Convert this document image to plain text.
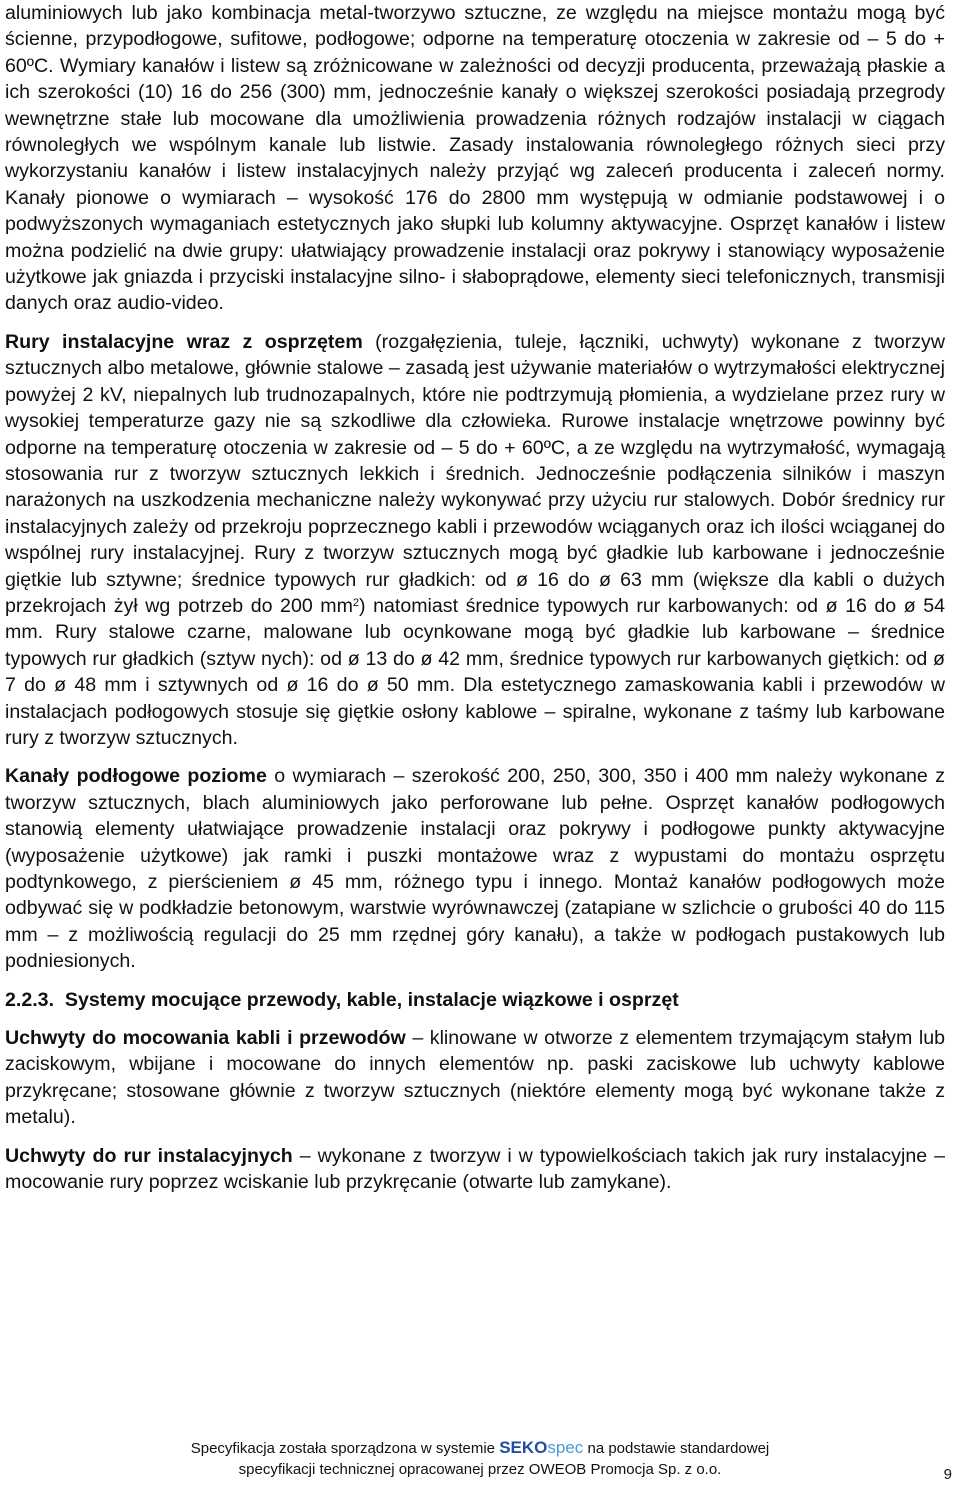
aluminiowych lub jako kombinacja metal-tworzywo sztuczne, ze względu na miejsce montażu mogą być ścienne, przypodłogowe, sufitowe, podłogowe; odporne na temperaturę otoczenia w zakresie od – 5 do + 60ºC. Wymiary kanałów i listew są zróżnicowane w zależności od decyzji producenta, przeważają płaskie a ich szerokości (10) 16 do 256 (300) mm, jednocześnie kanały o większej szerokości posiadają przegrody wewnętrzne stałe lub mocowane dla umożliwienia prowadzenia różnych rodzajów instalacji w ciągach równoległych we wspólnym kanale lub listwie. Zasady instalowania równoległego różnych sieci przy wykorzystaniu kanałów i listew instalacyjnych należy przyjąć wg zaleceń producenta i zaleceń normy. Kanały pionowe o wymiarach – wysokość 176 do 2800 mm występują w odmianie podstawowej i o podwyższonych wymaganiach estetycznych jako słupki lub kolumny aktywacyjne. Osprzęt kanałów i listew można podzielić na dwie grupy: ułatwiający prowadzenie instalacji oraz pokrywy i stanowiący wyposażenie użytkowe jak gniazda i przyciski instalacyjne silno- i słaboprądowe, elementy sieci telefonicznych, transmisji danych oraz audio-video.

Rury instalacyjne wraz z osprzętem (rozgałęzienia, tuleje, łączniki, uchwyty) wykonane z tworzyw sztucznych albo metalowe, głównie stalowe – zasadą jest używanie materiałów o wytrzymałości elektrycznej powyżej 2 kV, niepalnych lub trudnozapalnych, które nie podtrzymują płomienia, a wydzielane przez rury w wysokiej temperaturze gazy nie są szkodliwe dla człowieka. Rurowe instalacje wnętrzowe powinny być odporne na temperaturę otoczenia w zakresie od – 5 do + 60ºC, a ze względu na wytrzymałość, wymagają stosowania rur z tworzyw sztucznych lekkich i średnich. Jednocześnie podłączenia silników i maszyn narażonych na uszkodzenia mechaniczne należy wykonywać przy użyciu rur stalowych. Dobór średnicy rur instalacyjnych zależy od przekroju poprzecznego kabli i przewodów wciąganych oraz ich ilości wciąganej do wspólnej rury instalacyjnej. Rury z tworzyw sztucznych mogą być gładkie lub karbowane i jednocześnie giętkie lub sztywne; średnice typowych rur gładkich: od ø 16 do ø 63 mm (większe dla kabli o dużych przekrojach żył wg potrzeb do 200 $mm^2$) natomiast średnice typowych rur karbowanych: od ø 16 do ø 54 mm. Rury stalowe czarne, malowane lub ocynkowane mogą być gładkie lub karbowane – średnice typowych rur gładkich (sztyw nych): od ø 13 do ø 42 mm, średnice typowych rur karbowanych giętkich: od ø 7 do ø 48 mm i sztywnych od ø 16 do ø 50 mm. Dla estetycznego zamaskowania kabli i przewodów w instalacjach podłogowych stosuje się giętkie osłony kablowe – spiralne, wykonane z taśmy lub karbowane rury z tworzyw sztucznych.

Kanały podłogowe poziome o wymiarach – szerokość 200, 250, 300, 350 i 400 mm należy wykonane z tworzyw sztucznych, blach aluminiowych jako perforowane lub pełne. Osprzęt kanałów podłogowych stanowią elementy ułatwiające prowadzenie instalacji oraz pokrywy i podłogowe punkty aktywacyjne (wyposażenie użytkowe) jak ramki i puszki montażowe wraz z wypustami do montażu osprzętu podtynkowego, z pierścieniem ø 45 mm, różnego typu i innego. Montaż kanałów podłogowych może odbywać się w podkładzie betonowym, warstwie wyrównawczej (zatapiane w szlichcie o grubości 40 do 115 mm – z możliwością regulacji do 25 mm rzędnej góry kanału), a także w podłogach pustakowych lub podniesionych.

2.2.3. Systemy mocujące przewody, kable, instalacje wiązkowe i osprzęt

Uchwyty do mocowania kabli i przewodów – klinowane w otworze z elementem trzymającym stałym lub zaciskowym, wbijane i mocowane do innych elementów np. paski zaciskowe lub uchwyty kablowe przykręcane; stosowane głównie z tworzyw sztucznych (niektóre elementy mogą być wykonane także z metalu).

Uchwyty do rur instalacyjnych – wykonane z tworzyw i w typowielkościach takich jak rury instalacyjne – mocowanie rury poprzez wciskanie lub przykręcanie (otwarte lub zamykane).

Specyfikacja została sporządzona w systemie SEKOspec na podstawie standardowej
specyfikacji technicznej opracowanej przez OWEOB Promocja Sp. z o.o.	9
